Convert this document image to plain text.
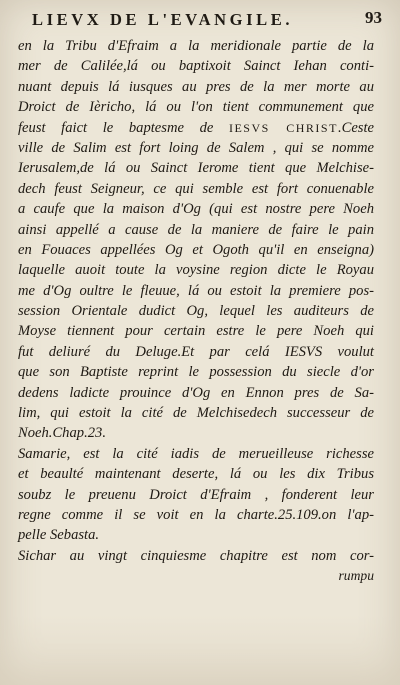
LIEVX DE L'EVANGILE.	93
en la Tribu d'Efraim a la meridionale partie de la
mer de Calilée,lá ou baptixoit Sainct Iehan conti-
nuant depuis lá iusques au pres de la mer morte au
Droict de Ièricho, lá ou l'on tient communement que
feust faict le baptesme de IESVS CHRIST.Ceste
ville de Salim est fort loing de Salem , qui se nomme
Ierusalem,de lá ou Sainct Ierome tient que Melchise-
dech feust Seigneur, ce qui semble est fort conuenable
a caufe que la maison d'Og (qui est nostre pere Noeh
ainsi appellé a cause de la maniere de faire le pain
en Fouaces appellées Og et Ogoth qu'il en enseigna)
laquelle auoit toute la voysine region dicte le Royau
me d'Og oultre le fleuue, lá ou estoit la premiere pos-
session Orientale dudict Og, lequel les auditeurs de
Moyse tiennent pour certain estre le pere Noeh qui
fut deliuré du Deluge.Et par celá IESVS voulut
que son Baptiste reprint le possession du siecle d'or
dedens ladicte prouince d'Og en Ennon pres de Sa-
lim, qui estoit la cité de Melchisedech successeur de
Noeh.Chap.23.
Samarie, est la cité iadis de merueilleuse richesse
et beaulté maintenant deserte, lá ou les dix Tribus
soubz le preuenu Droict d'Efraim , fonderent leur
regne comme il se voit en la charte.25.109.on l'ap-
pelle Sebasta.
Sichar au vingt cinquiesme chapitre est nom cor-
rumpu
